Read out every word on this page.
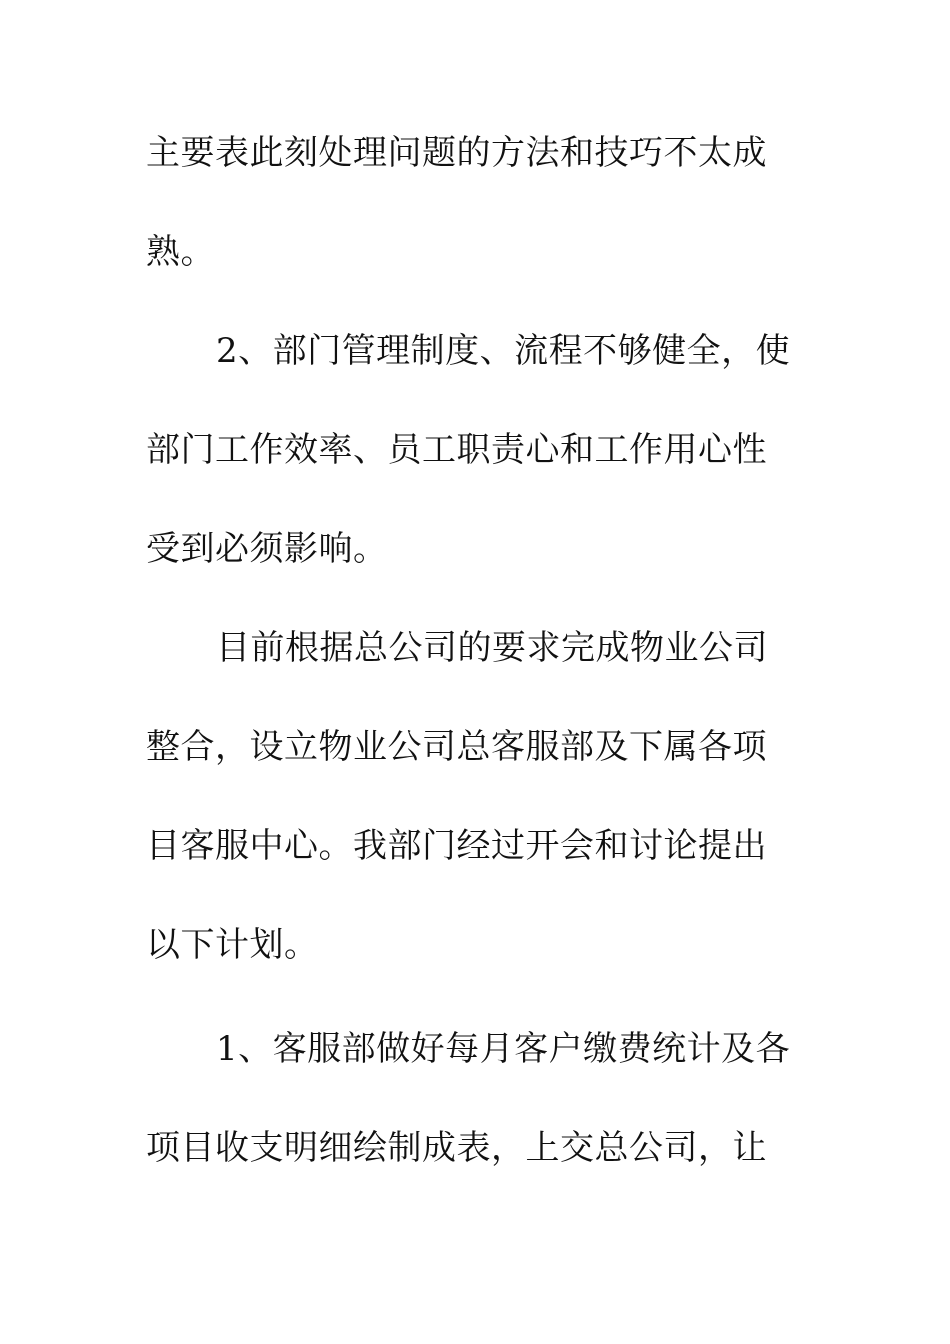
主要表此刻处理问题的方法和技巧不太成
熟。
2、部门管理制度、流程不够健全，使
部门工作效率、员工职责心和工作用心性
受到必须影响。
目前根据总公司的要求完成物业公司
整合，设立物业公司总客服部及下属各项
目客服中心。我部门经过开会和讨论提出
以下计划。
1、客服部做好每月客户缴费统计及各
项目收支明细绘制成表，上交总公司，让
